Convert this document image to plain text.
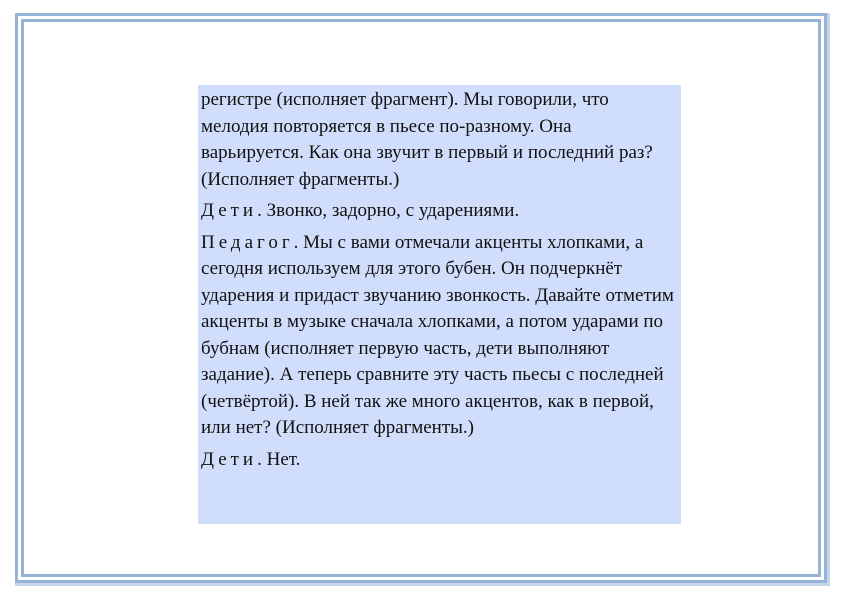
регистре (исполняет фрагмент). Мы говорили, что мелодия повторяется в пьесе по-разному. Она варьируется. Как она звучит в первый и последний раз? (Исполняет фрагменты.)

Дети. Звонко, задорно, с ударениями.

Педагог. Мы с вами отмечали акценты хлопками, а сегодня используем для этого бубен. Он подчеркнёт ударения и придаст звучанию звонкость. Давайте отметим акценты в музыке сначала хлопками, а потом ударами по бубнам (исполняет первую часть, дети выполняют задание). А теперь сравните эту часть пьесы с последней (четвёртой). В ней так же много акцентов, как в первой, или нет? (Исполняет фрагменты.)

Дети. Нет.
